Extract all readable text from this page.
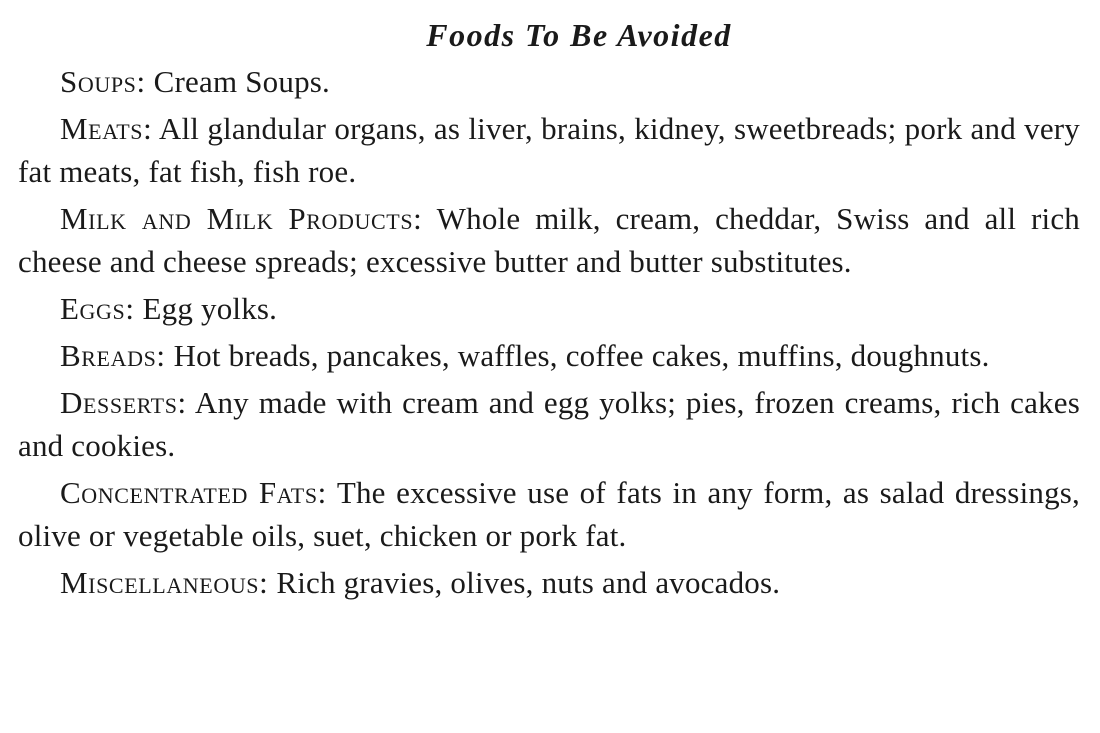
Foods To Be Avoided

Soups: Cream Soups.

Meats: All glandular organs, as liver, brains, kidney, sweetbreads; pork and very fat meats, fat fish, fish roe.

Milk and Milk Products: Whole milk, cream, cheddar, Swiss and all rich cheese and cheese spreads; excessive butter and butter substitutes.

Eggs: Egg yolks.

Breads: Hot breads, pancakes, waffles, coffee cakes, muffins, doughnuts.

Desserts: Any made with cream and egg yolks; pies, frozen creams, rich cakes and cookies.

Concentrated Fats: The excessive use of fats in any form, as salad dressings, olive or vegetable oils, suet, chicken or pork fat.

Miscellaneous: Rich gravies, olives, nuts and avocados.
